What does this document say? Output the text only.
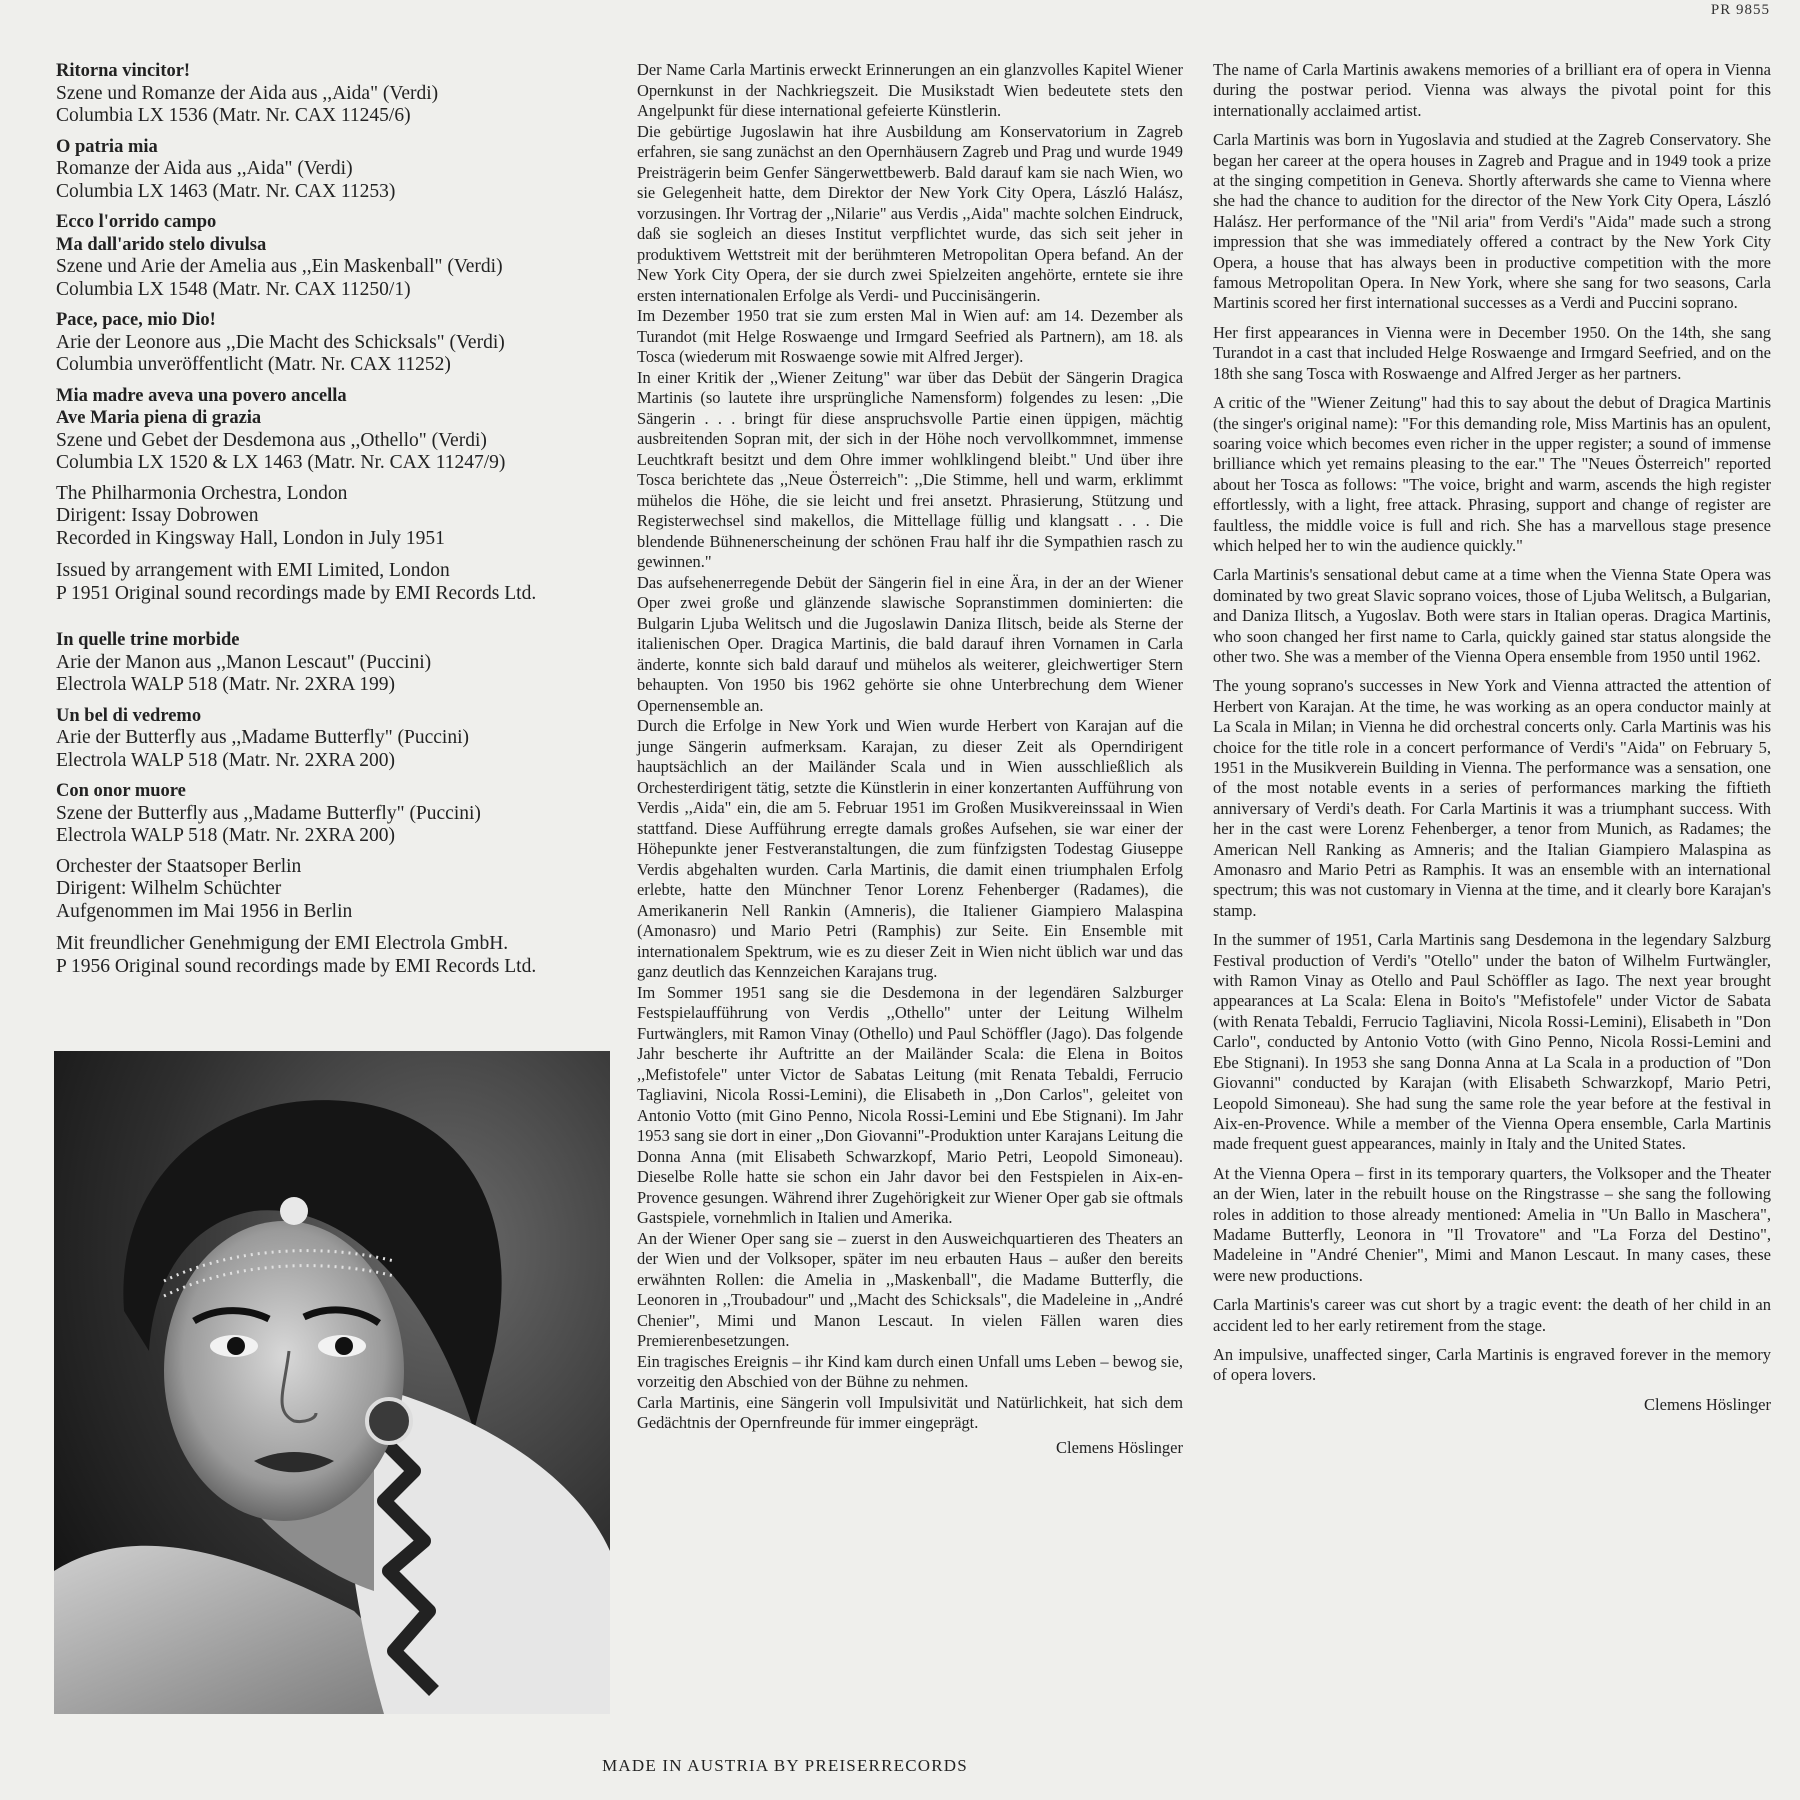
PR 9855
Ritorna vincitor!
Szene und Romanze der Aida aus ,,Aida" (Verdi)
Columbia LX 1536 (Matr. Nr. CAX 11245/6)
O patria mia
Romanze der Aida aus ,,Aida" (Verdi)
Columbia LX 1463 (Matr. Nr. CAX 11253)
Ecco l'orrido campo
Ma dall'arido stelo divulsa
Szene und Arie der Amelia aus ,,Ein Maskenball" (Verdi)
Columbia LX 1548 (Matr. Nr. CAX 11250/1)
Pace, pace, mio Dio!
Arie der Leonore aus ,,Die Macht des Schicksals" (Verdi)
Columbia unveröffentlicht (Matr. Nr. CAX 11252)
Mia madre aveva una povero ancella
Ave Maria piena di grazia
Szene und Gebet der Desdemona aus ,,Othello" (Verdi)
Columbia LX 1520 & LX 1463 (Matr. Nr. CAX 11247/9)
The Philharmonia Orchestra, London
Dirigent: Issay Dobrowen
Recorded in Kingsway Hall, London in July 1951
Issued by arrangement with EMI Limited, London
P 1951 Original sound recordings made by EMI Records Ltd.
In quelle trine morbide
Arie der Manon aus ,,Manon Lescaut" (Puccini)
Electrola WALP 518 (Matr. Nr. 2XRA 199)
Un bel di vedremo
Arie der Butterfly aus ,,Madame Butterfly" (Puccini)
Electrola WALP 518 (Matr. Nr. 2XRA 200)
Con onor muore
Szene der Butterfly aus ,,Madame Butterfly" (Puccini)
Electrola WALP 518 (Matr. Nr. 2XRA 200)
Orchester der Staatsoper Berlin
Dirigent: Wilhelm Schüchter
Aufgenommen im Mai 1956 in Berlin
Mit freundlicher Genehmigung der EMI Electrola GmbH.
P 1956 Original sound recordings made by EMI Records Ltd.

Der Name Carla Martinis erweckt Erinnerungen an ein glanzvolles Kapitel Wiener Opernkunst in der Nachkriegszeit. Die Musikstadt Wien bedeutete stets den Angelpunkt für diese international gefeierte Künstlerin.

Die gebürtige Jugoslawin hat ihre Ausbildung am Konservatorium in Zagreb erfahren, sie sang zunächst an den Opernhäusern Zagreb und Prag und wurde 1949 Preisträgerin beim Genfer Sängerwettbewerb. Bald darauf kam sie nach Wien, wo sie Gelegenheit hatte, dem Direktor der New York City Opera, László Halász, vorzusingen. Ihr Vortrag der ,,Nilarie" aus Verdis ,,Aida" machte solchen Eindruck, daß sie sogleich an dieses Institut verpflichtet wurde, das sich seit jeher in produktivem Wettstreit mit der berühmteren Metropolitan Opera befand. An der New York City Opera, der sie durch zwei Spielzeiten angehörte, erntete sie ihre ersten internationalen Erfolge als Verdi- und Puccinisängerin.

Im Dezember 1950 trat sie zum ersten Mal in Wien auf: am 14. Dezember als Turandot (mit Helge Roswaenge und Irmgard Seefried als Partnern), am 18. als Tosca (wiederum mit Roswaenge sowie mit Alfred Jerger).

In einer Kritik der ,,Wiener Zeitung" war über das Debüt der Sängerin Dragica Martinis (so lautete ihre ursprüngliche Namensform) folgendes zu lesen: ,,Die Sängerin . . . bringt für diese anspruchsvolle Partie einen üppigen, mächtig ausbreitenden Sopran mit, der sich in der Höhe noch vervollkommnet, immense Leuchtkraft besitzt und dem Ohre immer wohlklingend bleibt." Und über ihre Tosca berichtete das ,,Neue Österreich": ,,Die Stimme, hell und warm, erklimmt mühelos die Höhe, die sie leicht und frei ansetzt. Phrasierung, Stützung und Registerwechsel sind makellos, die Mittellage füllig und klangsatt . . . Die blendende Bühnenerscheinung der schönen Frau half ihr die Sympathien rasch zu gewinnen."

Das aufsehenerregende Debüt der Sängerin fiel in eine Ära, in der an der Wiener Oper zwei große und glänzende slawische Sopranstimmen dominierten: die Bulgarin Ljuba Welitsch und die Jugoslawin Daniza Ilitsch, beide als Sterne der italienischen Oper. Dragica Martinis, die bald darauf ihren Vornamen in Carla änderte, konnte sich bald darauf und mühelos als weiterer, gleichwertiger Stern behaupten. Von 1950 bis 1962 gehörte sie ohne Unterbrechung dem Wiener Opernensemble an.

Durch die Erfolge in New York und Wien wurde Herbert von Karajan auf die junge Sängerin aufmerksam. Karajan, zu dieser Zeit als Operndirigent hauptsächlich an der Mailänder Scala und in Wien ausschließlich als Orchesterdirigent tätig, setzte die Künstlerin in einer konzertanten Aufführung von Verdis ,,Aida" ein, die am 5. Februar 1951 im Großen Musikvereinssaal in Wien stattfand. Diese Aufführung erregte damals großes Aufsehen, sie war einer der Höhepunkte jener Festveranstaltungen, die zum fünfzigsten Todestag Giuseppe Verdis abgehalten wurden. Carla Martinis, die damit einen triumphalen Erfolg erlebte, hatte den Münchner Tenor Lorenz Fehenberger (Radames), die Amerikanerin Nell Rankin (Amneris), die Italiener Giampiero Malaspina (Amonasro) und Mario Petri (Ramphis) zur Seite. Ein Ensemble mit internationalem Spektrum, wie es zu dieser Zeit in Wien nicht üblich war und das ganz deutlich das Kennzeichen Karajans trug.

Im Sommer 1951 sang sie die Desdemona in der legendären Salzburger Festspielaufführung von Verdis ,,Othello" unter der Leitung Wilhelm Furtwänglers, mit Ramon Vinay (Othello) und Paul Schöffler (Jago). Das folgende Jahr bescherte ihr Auftritte an der Mailänder Scala: die Elena in Boitos ,,Mefistofele" unter Victor de Sabatas Leitung (mit Renata Tebaldi, Ferrucio Tagliavini, Nicola Rossi-Lemini), die Elisabeth in ,,Don Carlos", geleitet von Antonio Votto (mit Gino Penno, Nicola Rossi-Lemini und Ebe Stignani). Im Jahr 1953 sang sie dort in einer ,,Don Giovanni"-Produktion unter Karajans Leitung die Donna Anna (mit Elisabeth Schwarzkopf, Mario Petri, Leopold Simoneau). Dieselbe Rolle hatte sie schon ein Jahr davor bei den Festspielen in Aix-en-Provence gesungen. Während ihrer Zugehörigkeit zur Wiener Oper gab sie oftmals Gastspiele, vornehmlich in Italien und Amerika.

An der Wiener Oper sang sie – zuerst in den Ausweichquartieren des Theaters an der Wien und der Volksoper, später im neu erbauten Haus – außer den bereits erwähnten Rollen: die Amelia in ,,Maskenball", die Madame Butterfly, die Leonoren in ,,Troubadour" und ,,Macht des Schicksals", die Madeleine in ,,André Chenier", Mimi und Manon Lescaut. In vielen Fällen waren dies Premierenbesetzungen.

Ein tragisches Ereignis – ihr Kind kam durch einen Unfall ums Leben – bewog sie, vorzeitig den Abschied von der Bühne zu nehmen.

Carla Martinis, eine Sängerin voll Impulsivität und Natürlichkeit, hat sich dem Gedächtnis der Opernfreunde für immer eingeprägt.

Clemens Höslinger

The name of Carla Martinis awakens memories of a brilliant era of opera in Vienna during the postwar period. Vienna was always the pivotal point for this internationally acclaimed artist.

Carla Martinis was born in Yugoslavia and studied at the Zagreb Conservatory. She began her career at the opera houses in Zagreb and Prague and in 1949 took a prize at the singing competition in Geneva. Shortly afterwards she came to Vienna where she had the chance to audition for the director of the New York City Opera, László Halász. Her performance of the "Nil aria" from Verdi's "Aida" made such a strong impression that she was immediately offered a contract by the New York City Opera, a house that has always been in productive competition with the more famous Metropolitan Opera. In New York, where she sang for two seasons, Carla Martinis scored her first international successes as a Verdi and Puccini soprano.

Her first appearances in Vienna were in December 1950. On the 14th, she sang Turandot in a cast that included Helge Roswaenge and Irmgard Seefried, and on the 18th she sang Tosca with Roswaenge and Alfred Jerger as her partners.

A critic of the "Wiener Zeitung" had this to say about the debut of Dragica Martinis (the singer's original name): "For this demanding role, Miss Martinis has an opulent, soaring voice which becomes even richer in the upper register; a sound of immense brilliance which yet remains pleasing to the ear." The "Neues Österreich" reported about her Tosca as follows: "The voice, bright and warm, ascends the high register effortlessly, with a light, free attack. Phrasing, support and change of register are faultless, the middle voice is full and rich. She has a marvellous stage presence which helped her to win the audience quickly."

Carla Martinis's sensational debut came at a time when the Vienna State Opera was dominated by two great Slavic soprano voices, those of Ljuba Welitsch, a Bulgarian, and Daniza Ilitsch, a Yugoslav. Both were stars in Italian operas. Dragica Martinis, who soon changed her first name to Carla, quickly gained star status alongside the other two. She was a member of the Vienna Opera ensemble from 1950 until 1962.

The young soprano's successes in New York and Vienna attracted the attention of Herbert von Karajan. At the time, he was working as an opera conductor mainly at La Scala in Milan; in Vienna he did orchestral concerts only. Carla Martinis was his choice for the title role in a concert performance of Verdi's "Aida" on February 5, 1951 in the Musikverein Building in Vienna. The performance was a sensation, one of the most notable events in a series of performances marking the fiftieth anniversary of Verdi's death. For Carla Martinis it was a triumphant success. With her in the cast were Lorenz Fehenberger, a tenor from Munich, as Radames; the American Nell Ranking as Amneris; and the Italian Giampiero Malaspina as Amonasro and Mario Petri as Ramphis. It was an ensemble with an international spectrum; this was not customary in Vienna at the time, and it clearly bore Karajan's stamp.

In the summer of 1951, Carla Martinis sang Desdemona in the legendary Salzburg Festival production of Verdi's "Otello" under the baton of Wilhelm Furtwängler, with Ramon Vinay as Otello and Paul Schöffler as Iago. The next year brought appearances at La Scala: Elena in Boito's "Mefistofele" under Victor de Sabata (with Renata Tebaldi, Ferrucio Tagliavini, Nicola Rossi-Lemini), Elisabeth in "Don Carlo", conducted by Antonio Votto (with Gino Penno, Nicola Rossi-Lemini and Ebe Stignani). In 1953 she sang Donna Anna at La Scala in a production of "Don Giovanni" conducted by Karajan (with Elisabeth Schwarzkopf, Mario Petri, Leopold Simoneau). She had sung the same role the year before at the festival in Aix-en-Provence. While a member of the Vienna Opera ensemble, Carla Martinis made frequent guest appearances, mainly in Italy and the United States.

At the Vienna Opera – first in its temporary quarters, the Volksoper and the Theater an der Wien, later in the rebuilt house on the Ringstrasse – she sang the following roles in addition to those already mentioned: Amelia in "Un Ballo in Maschera", Madame Butterfly, Leonora in "Il Trovatore" and "La Forza del Destino", Madeleine in "André Chenier", Mimi and Manon Lescaut. In many cases, these were new productions.

Carla Martinis's career was cut short by a tragic event: the death of her child in an accident led to her early retirement from the stage.

An impulsive, unaffected singer, Carla Martinis is engraved forever in the memory of opera lovers.

Clemens Höslinger
MADE IN AUSTRIA BY PREISERRECORDS
